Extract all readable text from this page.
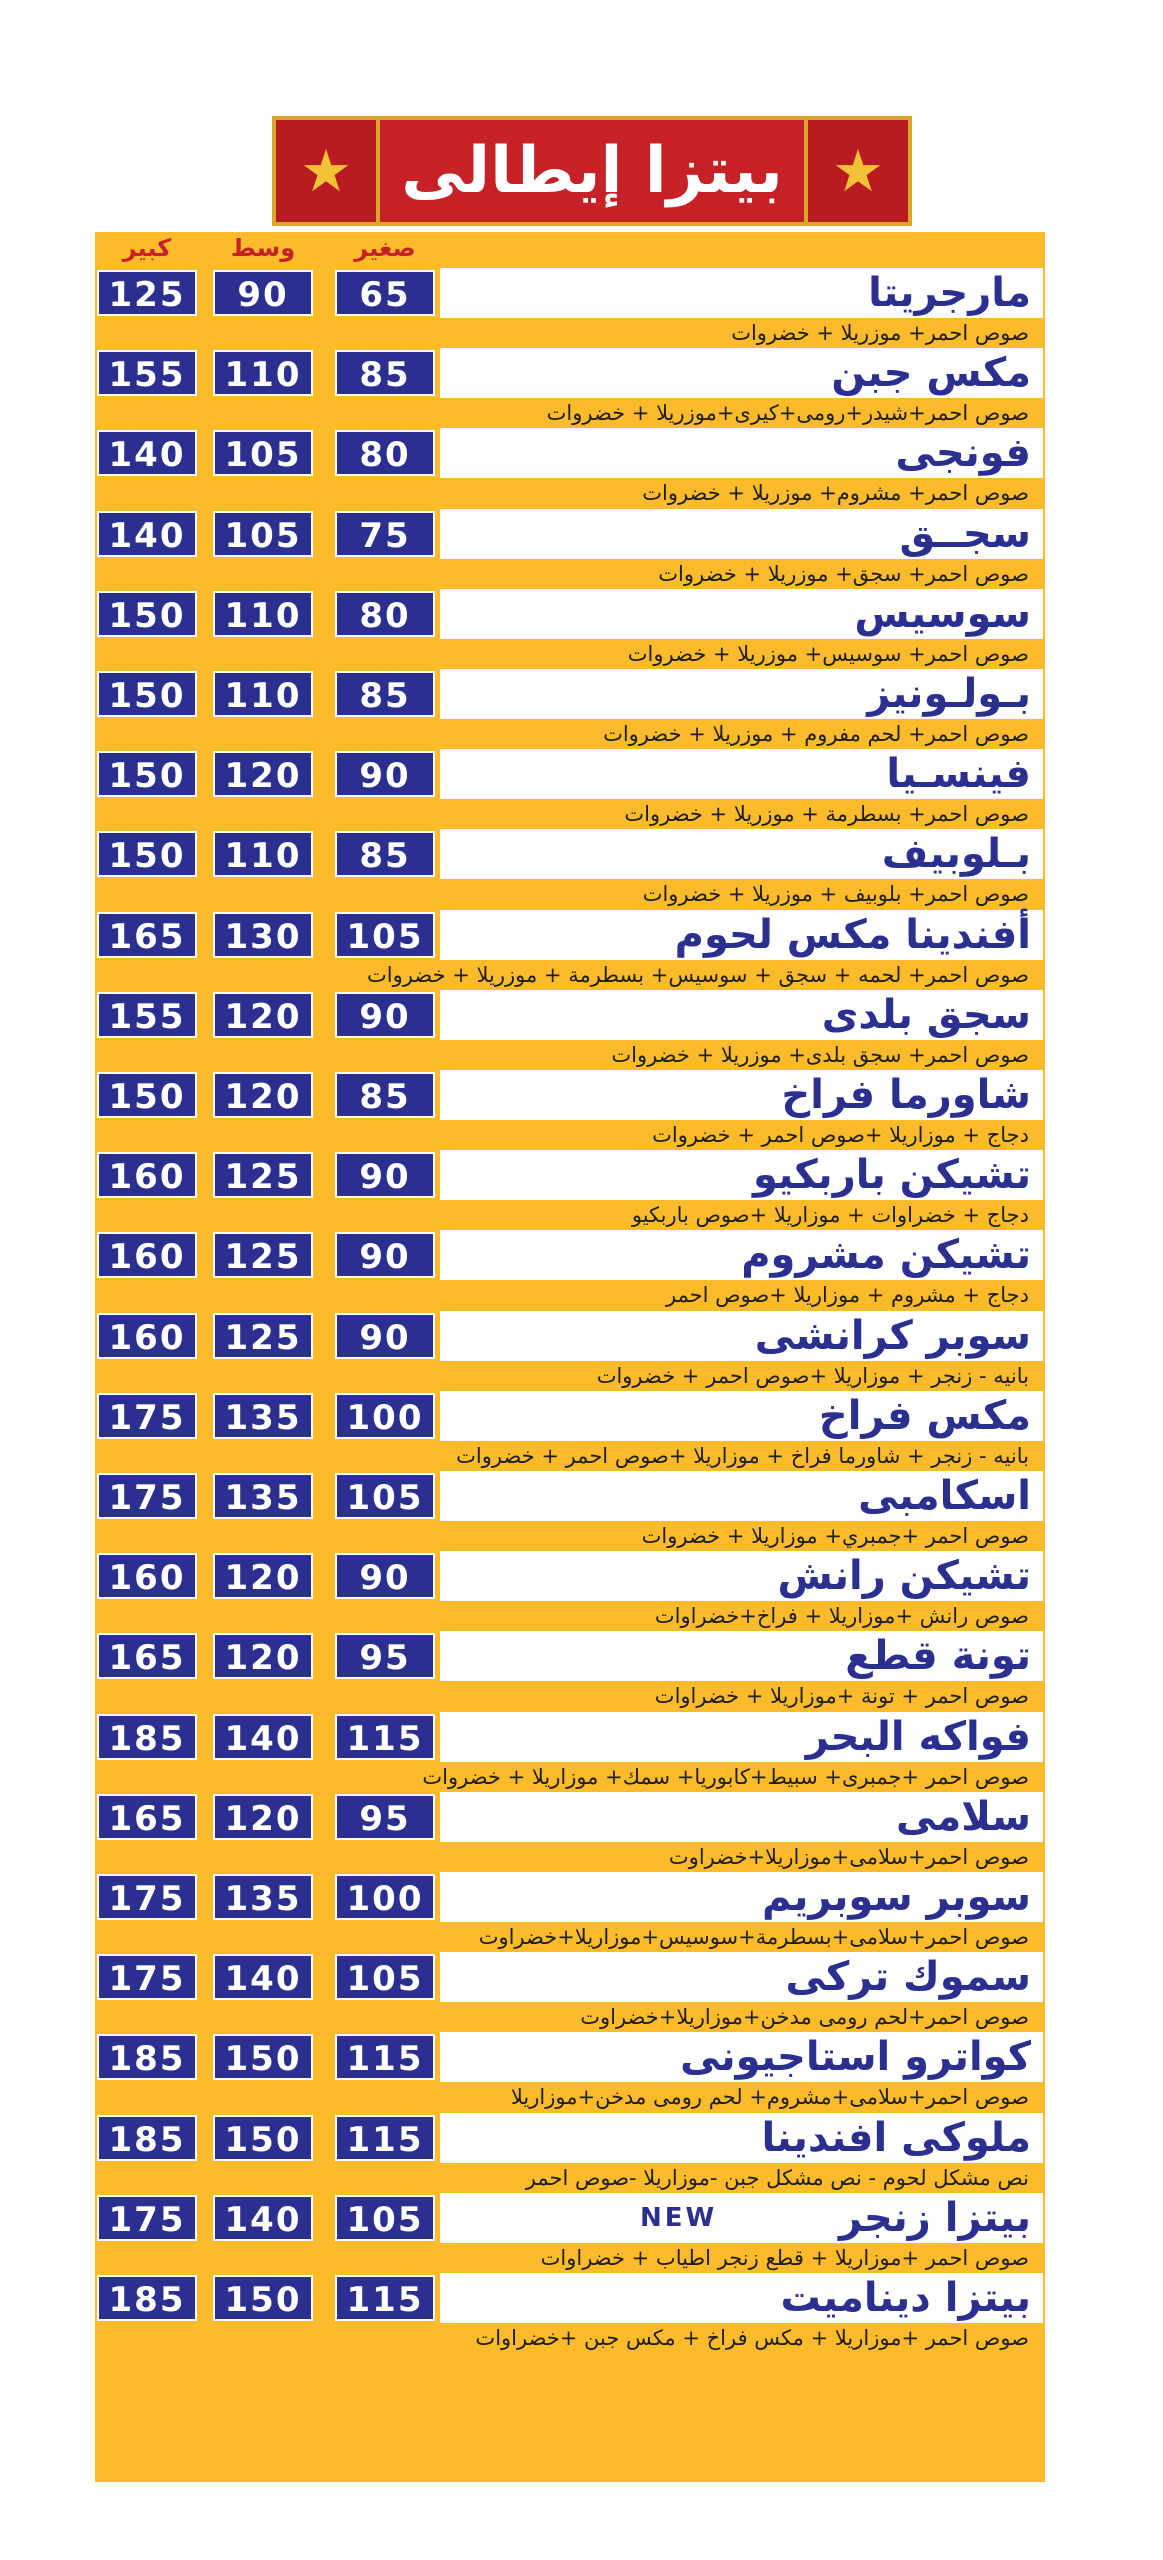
★ بيتزا إيطالى ★
صغير
وسط
كبير
مارجريتا
125	90	65
صوص احمر+ موزريلا + خضروات
مكس جبن
155	110	85
صوص احمر+شيدر+رومى+كيرى+موزريلا + خضروات
فونجى
140	105	80
صوص احمر+ مشروم+ موزريلا + خضروات
سجــق
140	105	75
صوص احمر+ سجق+ موزريلا + خضروات
سوسيس
150	110	80
صوص احمر+ سوسيس+ موزريلا + خضروات
بـولـونيز
150	110	85
صوص احمر+ لحم مفروم + موزريلا + خضروات
فينسـيا
150	120	90
صوص احمر+ بسطرمة + موزريلا + خضروات
بـلوبيف
150	110	85
صوص احمر+ بلوبيف + موزريلا + خضروات
أفندينا مكس لحوم
165	130	105
صوص احمر+ لحمه + سجق + سوسيس+ بسطرمة + موزريلا + خضروات
سجق بلدى
155	120	90
صوص احمر+ سجق بلدى+ موزريلا + خضروات
شاورما فراخ
150	120	85
دجاج + موزاريلا +صوص احمر + خضروات
تشيكن باربكيو
160	125	90
دجاج + خضراوات + موزاريلا +صوص باربكيو
تشيكن مشروم
160	125	90
دجاج + مشروم + موزاريلا +صوص احمر
سوبر كرانشى
160	125	90
بانيه - زنجر + موزاريلا +صوص احمر + خضروات
مكس فراخ
175	135	100
بانيه - زنجر + شاورما فراخ + موزاريلا +صوص احمر + خضروات
اسكامبى
175	135	105
صوص احمر +جمبري+ موزاريلا + خضروات
تشيكن رانش
160	120	90
صوص رانش +موزاريلا + فراخ+خضراوات
تونة قطع
165	120	95
صوص احمر + تونة +موزاريلا + خضراوات
فواكه البحر
185	140	115
صوص احمر +جمبرى+ سبيط+كابوريا+ سمك+ موزاريلا + خضروات
سلامى
165	120	95
صوص احمر+سلامى+موزاريلا+خضراوت
سوبر سوبريم
175	135	100
صوص احمر+سلامى+بسطرمة+سوسيس+موزاريلا+خضراوت
سموك تركى
175	140	105
صوص احمر+لحم رومى مدخن+موزاريلا+خضراوت
كواترو استاجيونى
185	150	115
صوص احمر+سلامى+مشروم+ لحم رومى مدخن+موزاريلا
ملوكى افندينا
185	150	115
نص مشكل لحوم - نص مشكل جبن -موزاريلا -صوص احمر
بيتزا زنجر
NEW
175	140	105
صوص احمر +موزاريلا + قطع زنجر اطياب + خضراوات
بيتزا ديناميت
185	150	115
صوص احمر +موزاريلا + مكس فراخ + مكس جبن +خضراوات
